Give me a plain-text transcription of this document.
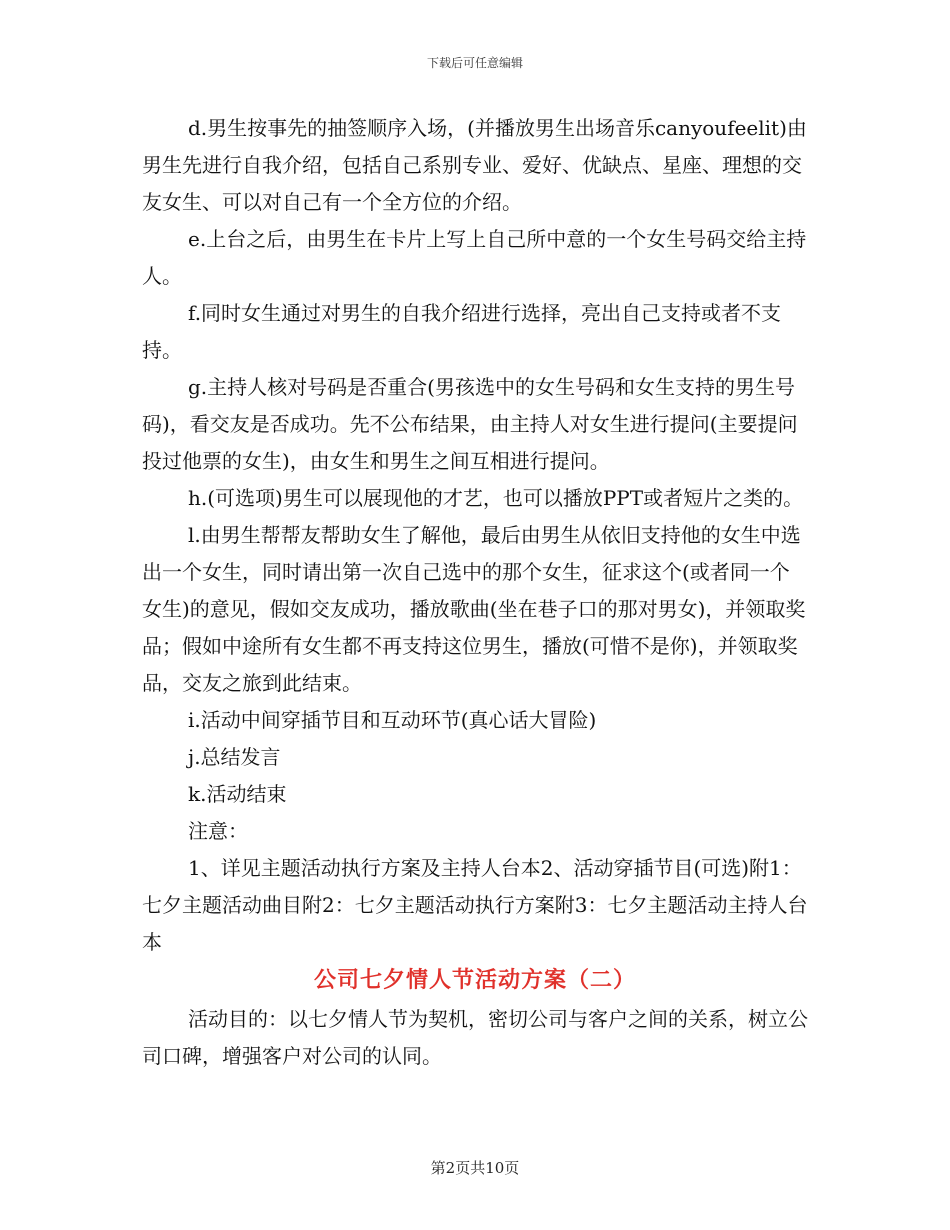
下载后可任意编辑

d.男生按事先的抽签顺序入场，(并播放男生出场音乐canyoufeelit)由男生先进行自我介绍，包括自己系别专业、爱好、优缺点、星座、理想的交友女生、可以对自己有一个全方位的介绍。

e.上台之后，由男生在卡片上写上自己所中意的一个女生号码交给主持人。

f.同时女生通过对男生的自我介绍进行选择，亮出自己支持或者不支持。

g.主持人核对号码是否重合(男孩选中的女生号码和女生支持的男生号码)，看交友是否成功。先不公布结果，由主持人对女生进行提问(主要提问投过他票的女生)，由女生和男生之间互相进行提问。

h.(可选项)男生可以展现他的才艺，也可以播放PPT或者短片之类的。

l.由男生帮帮友帮助女生了解他，最后由男生从依旧支持他的女生中选出一个女生，同时请出第一次自己选中的那个女生，征求这个(或者同一个女生)的意见，假如交友成功，播放歌曲(坐在巷子口的那对男女)，并领取奖品；假如中途所有女生都不再支持这位男生，播放(可惜不是你)，并领取奖品，交友之旅到此结束。

i.活动中间穿插节目和互动环节(真心话大冒险)

j.总结发言

k.活动结束

注意：

1、详见主题活动执行方案及主持人台本2、活动穿插节目(可选)附1：七夕主题活动曲目附2：七夕主题活动执行方案附3：七夕主题活动主持人台本

公司七夕情人节活动方案（二）

活动目的：以七夕情人节为契机，密切公司与客户之间的关系，树立公司口碑，增强客户对公司的认同。

第2页共10页
